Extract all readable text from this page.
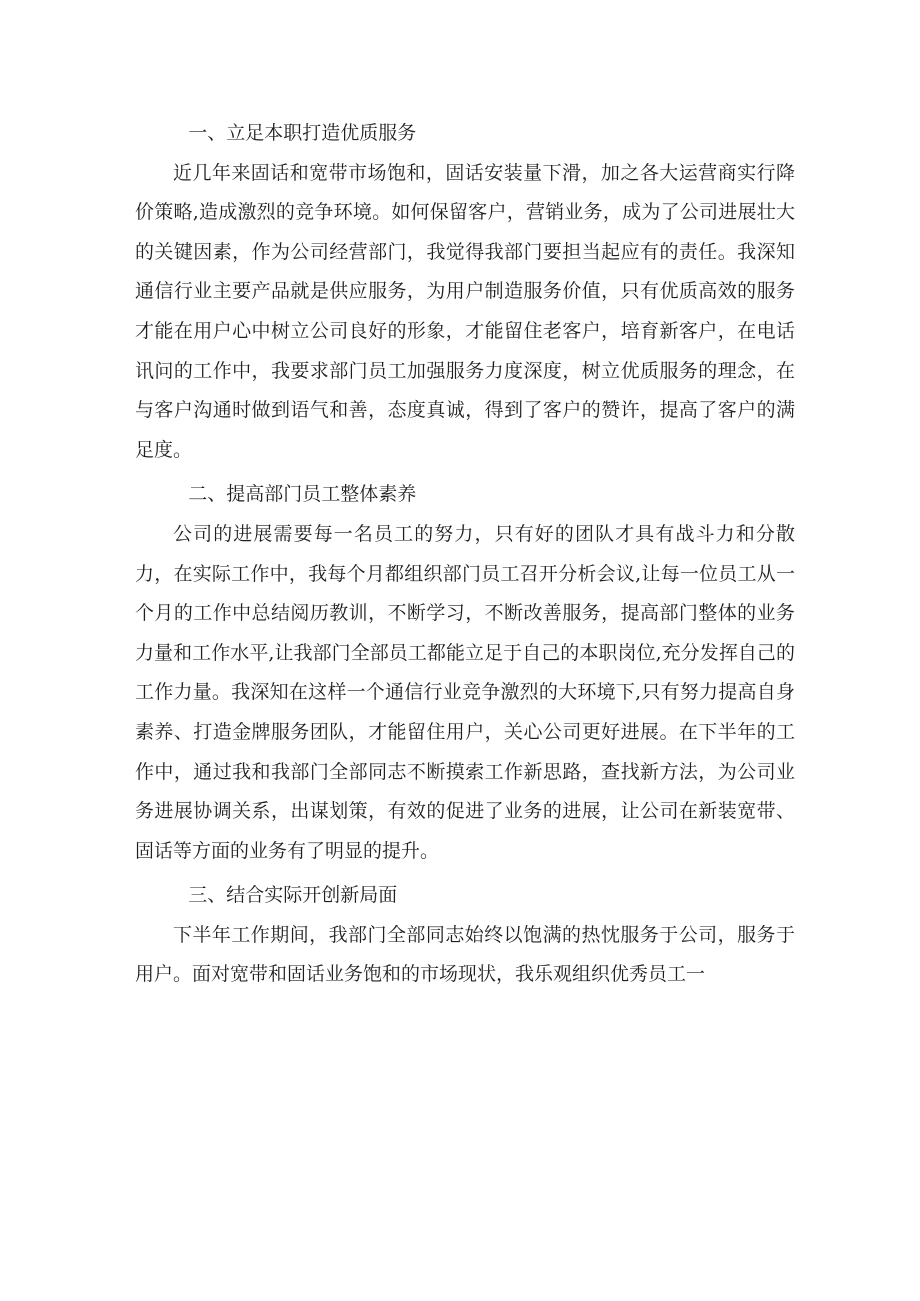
一、立足本职打造优质服务

近几年来固话和宽带市场饱和，固话安装量下滑，加之各大运营商实行降价策略,造成激烈的竞争环境。如何保留客户，营销业务，成为了公司进展壮大的关键因素，作为公司经营部门，我觉得我部门要担当起应有的责任。我深知通信行业主要产品就是供应服务，为用户制造服务价值，只有优质高效的服务才能在用户心中树立公司良好的形象，才能留住老客户，培育新客户，在电话讯问的工作中，我要求部门员工加强服务力度深度，树立优质服务的理念，在与客户沟通时做到语气和善，态度真诚，得到了客户的赞许，提高了客户的满足度。

二、提高部门员工整体素养

公司的进展需要每一名员工的努力，只有好的团队才具有战斗力和分散力，在实际工作中，我每个月都组织部门员工召开分析会议,让每一位员工从一个月的工作中总结阅历教训，不断学习，不断改善服务，提高部门整体的业务力量和工作水平,让我部门全部员工都能立足于自己的本职岗位,充分发挥自己的工作力量。我深知在这样一个通信行业竞争激烈的大环境下,只有努力提高自身素养、打造金牌服务团队，才能留住用户，关心公司更好进展。在下半年的工作中，通过我和我部门全部同志不断摸索工作新思路，查找新方法，为公司业务进展协调关系，出谋划策，有效的促进了业务的进展，让公司在新装宽带、固话等方面的业务有了明显的提升。

三、结合实际开创新局面

下半年工作期间，我部门全部同志始终以饱满的热忱服务于公司，服务于用户。面对宽带和固话业务饱和的市场现状，我乐观组织优秀员工一
